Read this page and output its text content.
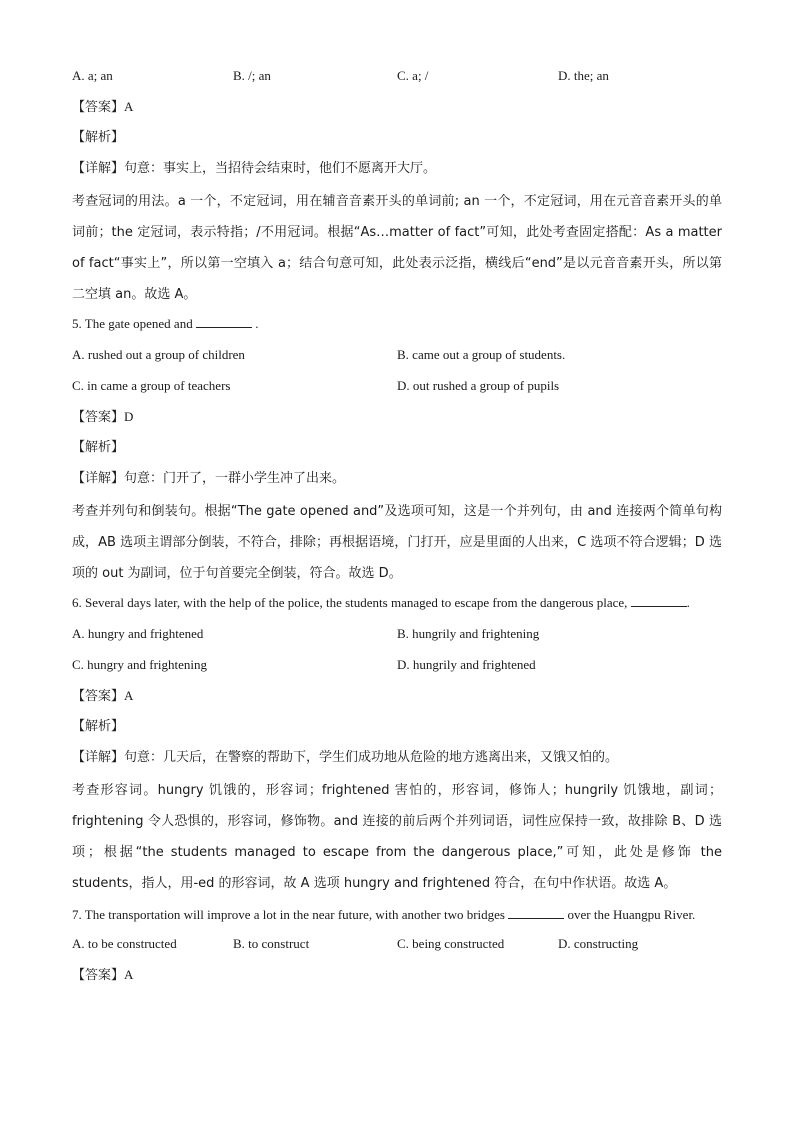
A. a; an	B. /; an	C. a; /	D. the; an
【答案】A
【解析】
【详解】句意：事实上，当招待会结束时，他们不愿离开大厅。
考查冠词的用法。a 一个，不定冠词，用在辅音音素开头的单词前; an 一个，不定冠词，用在元音音素开头的单词前；the 定冠词，表示特指；/不用冠词。根据“As…matter of fact”可知，此处考查固定搭配：As a matter of fact“事实上”，所以第一空填入 a；结合句意可知，此处表示泛指，横线后“end”是以元音音素开头，所以第二空填 an。故选 A。
5. The gate opened and	.
A. rushed out a group of children	B. came out a group of students.
C. in came a group of teachers	D. out rushed a group of pupils
【答案】D
【解析】
【详解】句意：门开了，一群小学生冲了出来。
考查并列句和倒装句。根据“The gate opened and”及选项可知，这是一个并列句，由 and 连接两个简单句构成，AB 选项主谓部分倒装，不符合，排除；再根据语境，门打开，应是里面的人出来，C 选项不符合逻辑；D 选项的 out 为副词，位于句首要完全倒装，符合。故选 D。
6. Several days later, with the help of the police, the students managed to escape from the dangerous place,	.
A. hungry and frightened	B. hungrily and frightening
C. hungry and frightening	D. hungrily and frightened
【答案】A
【解析】
【详解】句意：几天后，在警察的帮助下，学生们成功地从危险的地方逃离出来，又饿又怕的。
考查形容词。hungry 饥饿的，形容词；frightened 害怕的，形容词，修饰人；hungrily 饥饿地，副词；frightening 令人恐惧的，形容词，修饰物。and 连接的前后两个并列词语，词性应保持一致，故排除 B、D 选项；根据“the students managed to escape from the dangerous place,”可知，此处是修饰 the students，指人，用-ed 的形容词，故 A 选项 hungry and frightened 符合，在句中作状语。故选 A。
7. The transportation will improve a lot in the near future, with another two bridges	over the Huangpu River.
A. to be constructed	B. to construct	C. being constructed	D. constructing
【答案】A
